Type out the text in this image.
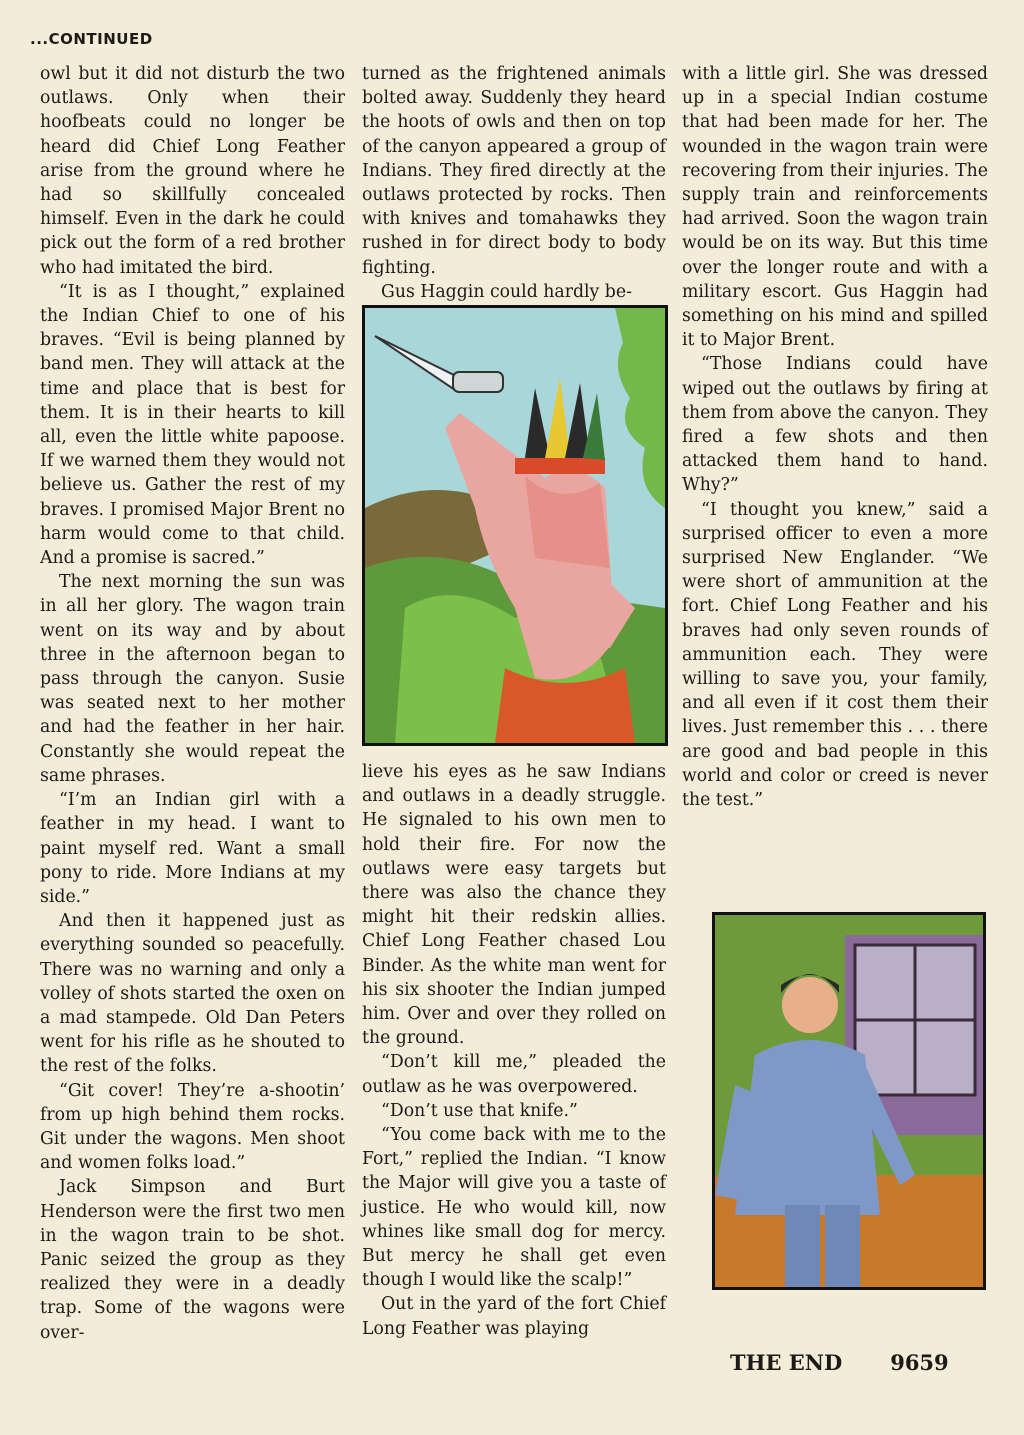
...CONTINUED

owl but it did not disturb the two outlaws. Only when their hoofbeats could no longer be heard did Chief Long Feather arise from the ground where he had so skillfully concealed himself. Even in the dark he could pick out the form of a red brother who had imitated the bird.

“It is as I thought,” explained the Indian Chief to one of his braves. “Evil is being planned by band men. They will attack at the time and place that is best for them. It is in their hearts to kill all, even the little white papoose. If we warned them they would not believe us. Gather the rest of my braves. I promised Major Brent no harm would come to that child. And a promise is sacred.”

The next morning the sun was in all her glory. The wagon train went on its way and by about three in the afternoon began to pass through the canyon. Susie was seated next to her mother and had the feather in her hair. Constantly she would repeat the same phrases.

“I’m an Indian girl with a feather in my head. I want to paint myself red. Want a small pony to ride. More Indians at my side.”

And then it happened just as everything sounded so peacefully. There was no warning and only a volley of shots started the oxen on a mad stampede. Old Dan Peters went for his rifle as he shouted to the rest of the folks.

“Git cover! They’re a-shootin’ from up high behind them rocks. Git under the wagons. Men shoot and women folks load.”

Jack Simpson and Burt Henderson were the first two men in the wagon train to be shot. Panic seized the group as they realized they were in a deadly trap. Some of the wagons were over-

turned as the frightened animals bolted away. Suddenly they heard the hoots of owls and then on top of the canyon appeared a group of Indians. They fired directly at the outlaws protected by rocks. Then with knives and tomahawks they rushed in for direct body to body fighting.

Gus Haggin could hardly be-

lieve his eyes as he saw Indians and outlaws in a deadly struggle. He signaled to his own men to hold their fire. For now the outlaws were easy targets but there was also the chance they might hit their redskin allies. Chief Long Feather chased Lou Binder. As the white man went for his six shooter the Indian jumped him. Over and over they rolled on the ground.

“Don’t kill me,” pleaded the outlaw as he was overpowered.

“Don’t use that knife.”

“You come back with me to the Fort,” replied the Indian. “I know the Major will give you a taste of justice. He who would kill, now whines like small dog for mercy. But mercy he shall get even though I would like the scalp!”

Out in the yard of the fort Chief Long Feather was playing

with a little girl. She was dressed up in a special Indian costume that had been made for her. The wounded in the wagon train were recovering from their injuries. The supply train and reinforcements had arrived. Soon the wagon train would be on its way. But this time over the longer route and with a military escort. Gus Haggin had something on his mind and spilled it to Major Brent.

“Those Indians could have wiped out the outlaws by firing at them from above the canyon. They fired a few shots and then attacked them hand to hand. Why?”

“I thought you knew,” said a surprised officer to even a more surprised New Englander. “We were short of ammunition at the fort. Chief Long Feather and his braves had only seven rounds of ammunition each. They were willing to save you, your family, and all even if it cost them their lives. Just remember this . . . there are good and bad people in this world and color or creed is never the test.”

THE END 9659
